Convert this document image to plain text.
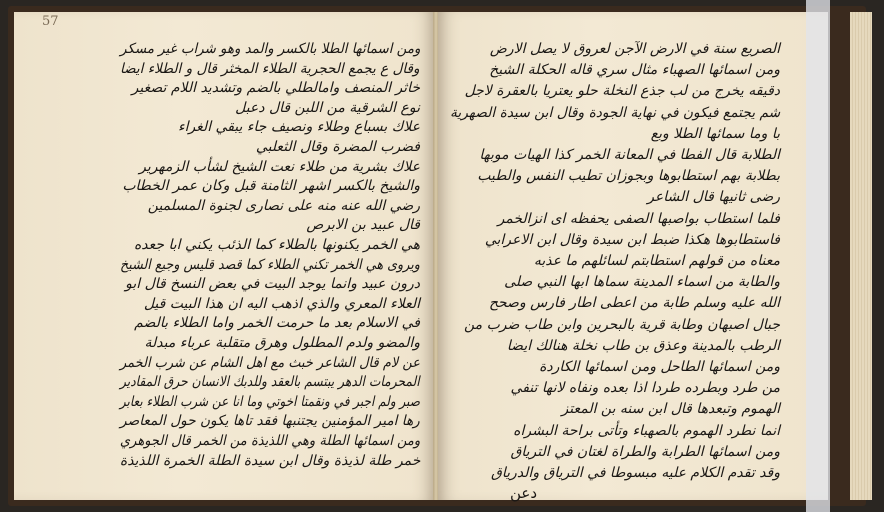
57
ومن اسمائها الطلا بالكسر والمد وهو شراب غير مسكر
وقال ع يجمع الحجرية الطلاء المخثر قال و الطلاء ايضا
خاثر المنصف وامالطلي بالضم وتشديد اللام تصغير
نوع الشرقية من اللبن قال دعبل
علاك بسباع وطلاء ونصيف جاء يبقي الغراء
فضرب المضرة وقال الثعلبي
علاك بشرية من طلاء نعت الشيخ لشأب الزمهرير
والشيخ بالكسر اشهر الثامنة قبل وكان عمر الخطاب
رضي الله عنه منه على نصارى لجنوة المسلمين
قال عبيد بن الابرص
هي الخمر يكنونها بالطلاء كما الذئب يكني ابا جعده
ويروى هي الخمر تكني الطلاء كما قصد قليس وجيع الشيخ
درون عبيد وانما يوجد البيت في بعض النسخ قال ابو
العلاء المعري والذي اذهب اليه ان هذا البيت قيل
في الاسلام بعد ما حرمت الخمر واما الطلاء بالضم
والمضو ولدم المطلول وهرق متقلبة عرباء مبدلة
عن لام قال الشاعر خبث مع اهل الشام عن شرب الخمر
المحرمات الدهر يبتسم بالعقد وللدبك الانسان حرق المقادير
صبر ولم اجبر في ونقمتا اخوتي وما انا عن شرب الطلاء بعابر
رها امير المؤمنين يجتنبها فقد تاها يكون حول المعاصر
ومن اسمائها الطلة وهي اللذيذة من الخمر قال الجوهري
خمر طلة لذيذة وقال ابن سيدة الطلة الخمرة اللذيذة
الصريع سنة في الارض الآجن لعروق لا يصل الارض
ومن اسمائها الصهباء مثال سري قاله الحكلة الشيخ
دقيقه يخرج من لب جذع النخلة حلو يعتريا بالعقرة لاجل
شم يجتمع فيكون في نهاية الجودة وقال ابن سيدة الصهرية
با وما سمائها الطلا وبع
الطلابة قال الفطا في المعانة الخمر كذا الهيات موبها
بطلابة بهم استطابوها وبجوزان تطيب النفس والطيب
رضى ثانيها قال الشاعر
فلما استطاب بواصبها الصفى يحفظه اى انزالخمر
فاستطابوها هكذا ضبط ابن سيدة وقال ابن الاعرابي
معناه من قولهم استطابتم لسائلهم ما عذبه
والطابة من اسماء المدينة سماها ابها النبي صلى
الله عليه وسلم طابة من اعطى اطار فارس وصحح
جبال اصبهان وطابة قرية بالبحرين وابن طاب ضرب من
الرطب بالمدينة وعذق بن طاب نخلة هنالك ايضا
ومن اسمائها الطاحل ومن اسمائها الكاردة
من طرد وبطرده طردا اذا بعده ونفاه لانها تنفي
الهموم وتبعدها قال ابن سنه بن المعتز
انما نطرد الهموم بالصهباء وتأتى براحة البشراه
ومن اسمائها الطرابة والطراة لغتان في الترياق
وقد تقدم الكلام عليه مبسوطا في الترياق والدرياق
دعن
